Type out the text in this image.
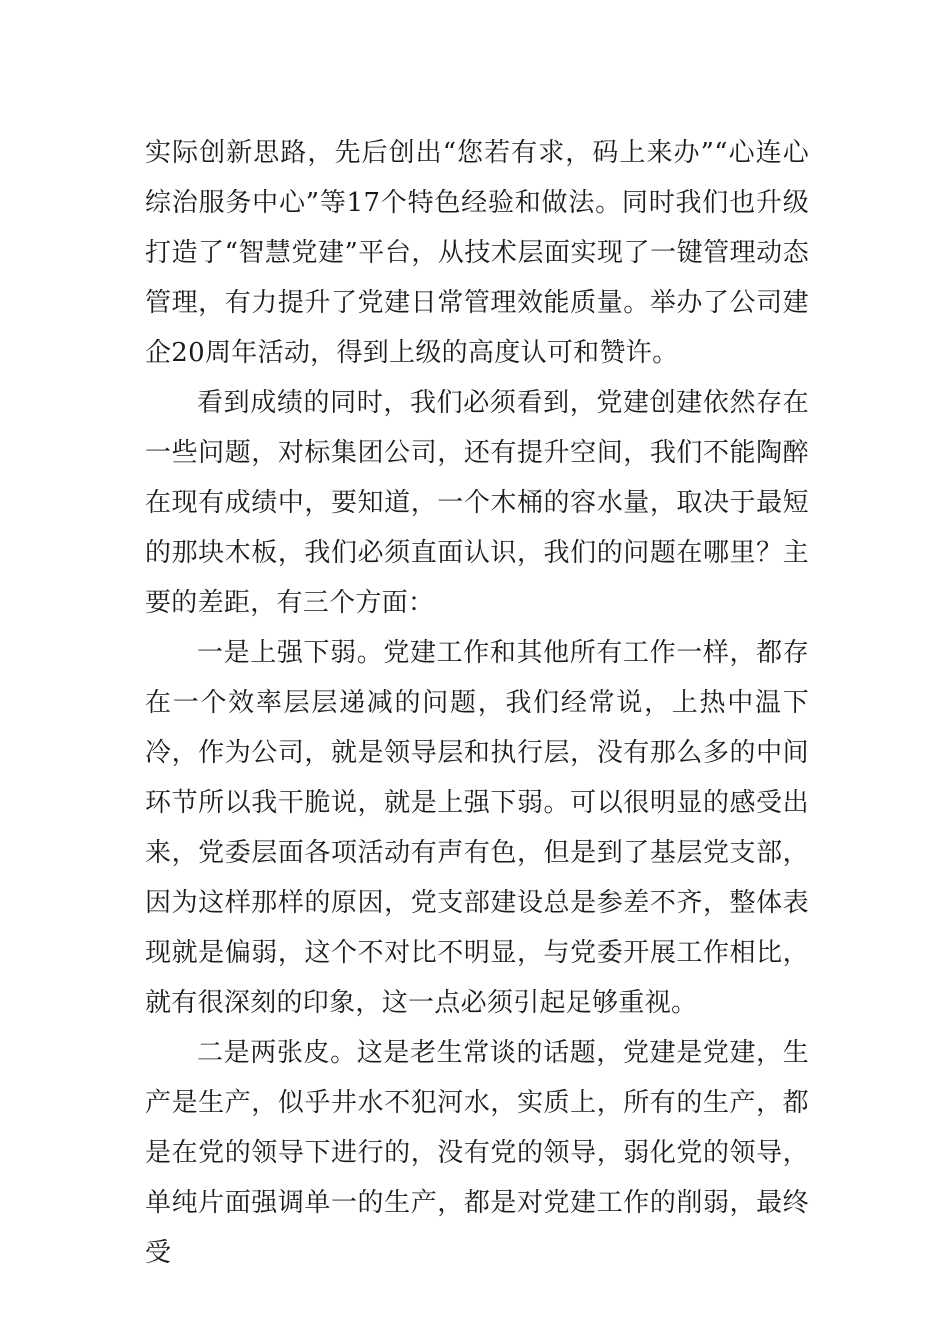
实际创新思路，先后创出“您若有求，码上来办”“心连心综治服务中心”等17个特色经验和做法。同时我们也升级打造了“智慧党建”平台，从技术层面实现了一键管理动态管理，有力提升了党建日常管理效能质量。举办了公司建企20周年活动，得到上级的高度认可和赞许。

看到成绩的同时，我们必须看到，党建创建依然存在一些问题，对标集团公司，还有提升空间，我们不能陶醉在现有成绩中，要知道，一个木桶的容水量，取决于最短的那块木板，我们必须直面认识，我们的问题在哪里？主要的差距，有三个方面：

一是上强下弱。党建工作和其他所有工作一样，都存在一个效率层层递减的问题，我们经常说，上热中温下冷，作为公司，就是领导层和执行层，没有那么多的中间环节所以我干脆说，就是上强下弱。可以很明显的感受出来，党委层面各项活动有声有色，但是到了基层党支部，因为这样那样的原因，党支部建设总是参差不齐，整体表现就是偏弱，这个不对比不明显，与党委开展工作相比，就有很深刻的印象，这一点必须引起足够重视。

二是两张皮。这是老生常谈的话题，党建是党建，生产是生产，似乎井水不犯河水，实质上，所有的生产，都是在党的领导下进行的，没有党的领导，弱化党的领导，单纯片面强调单一的生产，都是对党建工作的削弱，最终受
